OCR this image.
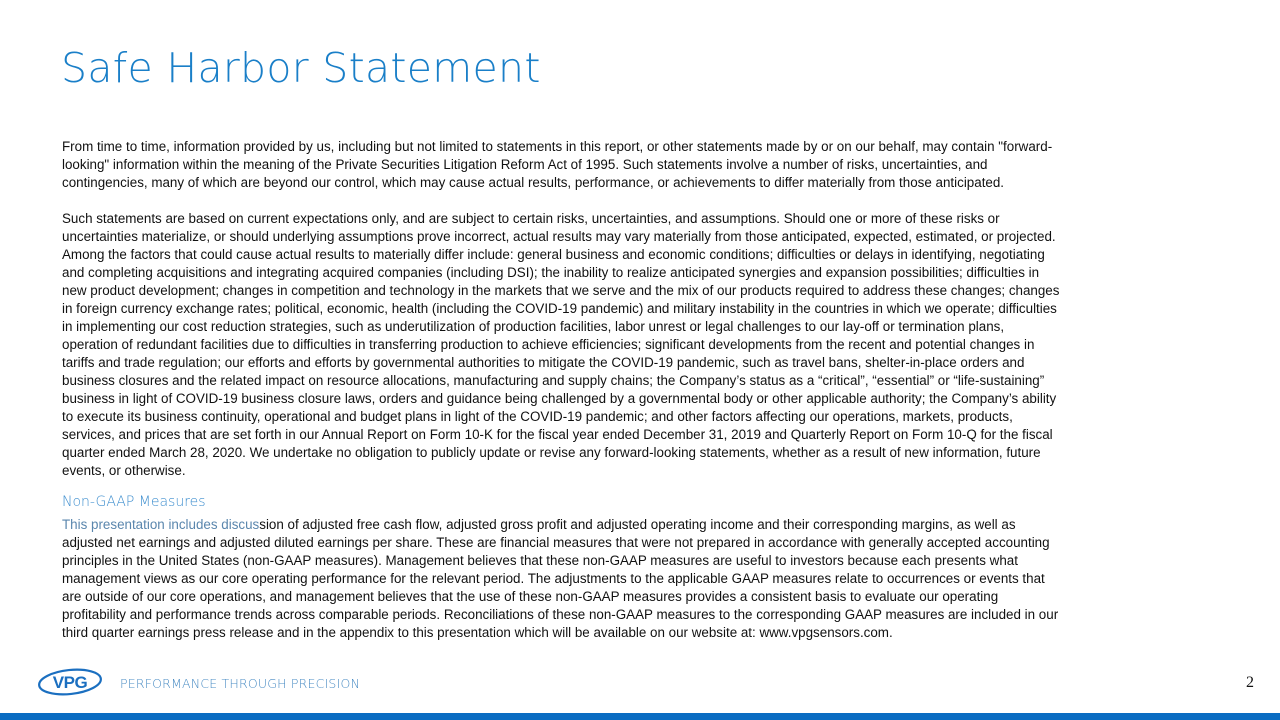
Safe Harbor Statement
From time to time, information provided by us, including but not limited to statements in this report, or other statements made by or on our behalf, may contain "forward-
looking" information within the meaning of the Private Securities Litigation Reform Act of 1995. Such statements involve a number of risks, uncertainties, and
contingencies, many of which are beyond our control, which may cause actual results, performance, or achievements to differ materially from those anticipated.
Such statements are based on current expectations only, and are subject to certain risks, uncertainties, and assumptions. Should one or more of these risks or
uncertainties materialize, or should underlying assumptions prove incorrect, actual results may vary materially from those anticipated, expected, estimated, or projected.
Among the factors that could cause actual results to materially differ include: general business and economic conditions; difficulties or delays in identifying, negotiating
and completing acquisitions and integrating acquired companies (including DSI); the inability to realize anticipated synergies and expansion possibilities; difficulties in
new product development; changes in competition and technology in the markets that we serve and the mix of our products required to address these changes; changes
in foreign currency exchange rates; political, economic, health (including the COVID-19 pandemic) and military instability in the countries in which we operate; difficulties
in implementing our cost reduction strategies, such as underutilization of production facilities, labor unrest or legal challenges to our lay-off or termination plans,
operation of redundant facilities due to difficulties in transferring production to achieve efficiencies; significant developments from the recent and potential changes in
tariffs and trade regulation; our efforts and efforts by governmental authorities to mitigate the COVID-19 pandemic, such as travel bans, shelter-in-place orders and
business closures and the related impact on resource allocations, manufacturing and supply chains; the Company’s status as a “critical”, “essential” or “life-sustaining”
business in light of COVID-19 business closure laws, orders and guidance being challenged by a governmental body or other applicable authority; the Company’s ability
to execute its business continuity, operational and budget plans in light of the COVID-19 pandemic; and other factors affecting our operations, markets, products,
services, and prices that are set forth in our Annual Report on Form 10-K for the fiscal year ended December 31, 2019 and Quarterly Report on Form 10-Q for the fiscal
quarter ended March 28, 2020. We undertake no obligation to publicly update or revise any forward-looking statements, whether as a result of new information, future
events, or otherwise.
Non-GAAP Measures
This presentation includes discussion of adjusted free cash flow, adjusted gross profit and adjusted operating income and their corresponding margins, as well as
adjusted net earnings and adjusted diluted earnings per share. These are financial measures that were not prepared in accordance with generally accepted accounting
principles in the United States (non-GAAP measures). Management believes that these non-GAAP measures are useful to investors because each presents what
management views as our core operating performance for the relevant period. The adjustments to the applicable GAAP measures relate to occurrences or events that
are outside of our core operations, and management believes that the use of these non-GAAP measures provides a consistent basis to evaluate our operating
profitability and performance trends across comparable periods. Reconciliations of these non-GAAP measures to the corresponding GAAP measures are included in our
third quarter earnings press release and in the appendix to this presentation which will be available on our website at: www.vpgsensors.com.
VPG	PERFORMANCE THROUGH PRECISION	2
